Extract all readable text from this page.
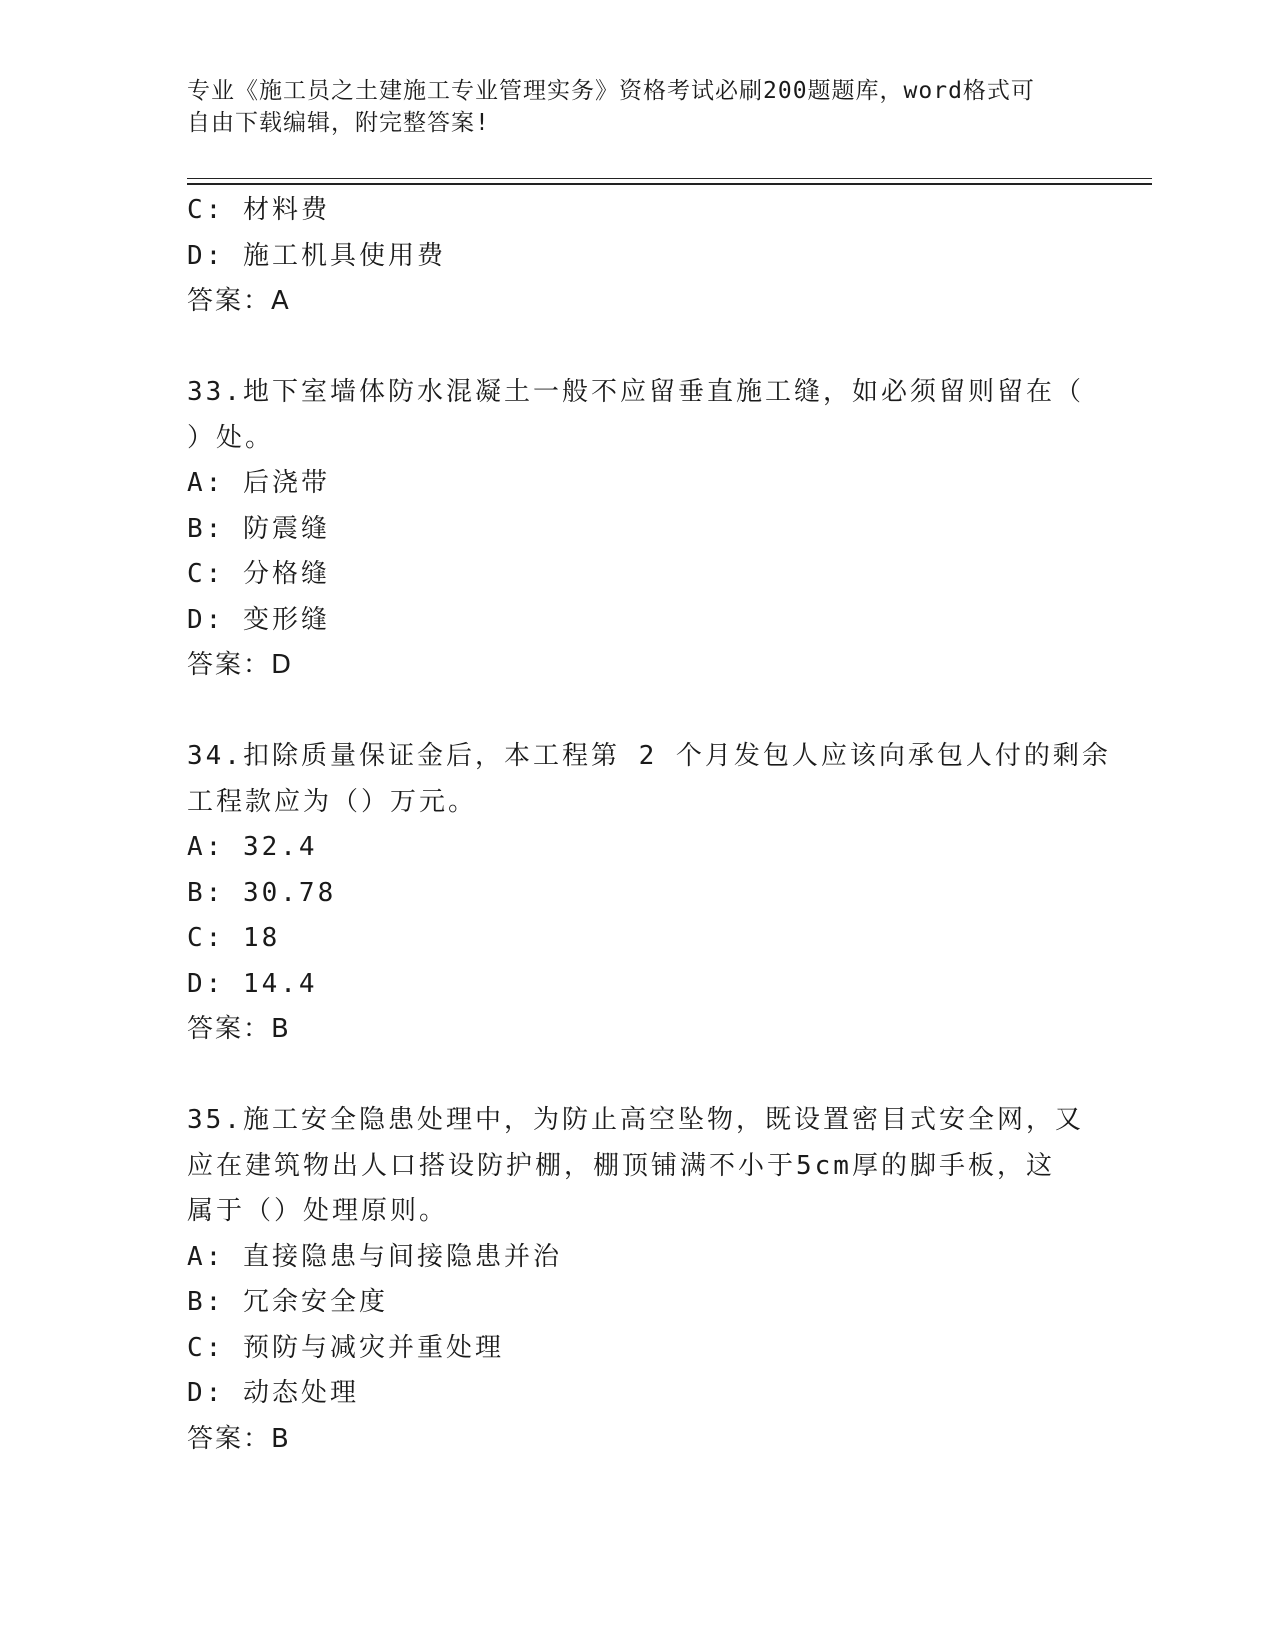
专业《施工员之土建施工专业管理实务》资格考试必刷200题题库，word格式可
自由下载编辑，附完整答案!
C: 材料费
D: 施工机具使用费
答案：A
33.地下室墙体防水混凝土一般不应留垂直施工缝，如必须留则留在（
）处。
A: 后浇带
B: 防震缝
C: 分格缝
D: 变形缝
答案：D
34.扣除质量保证金后，本工程第 2 个月发包人应该向承包人付的剩余
工程款应为（）万元。
A: 32.4
B: 30.78
C: 18
D: 14.4
答案：B
35.施工安全隐患处理中，为防止高空坠物，既设置密目式安全网，又
应在建筑物出人口搭设防护棚，棚顶铺满不小于5cm厚的脚手板，这
属于（）处理原则。
A: 直接隐患与间接隐患并治
B: 冗余安全度
C: 预防与减灾并重处理
D: 动态处理
答案：B
